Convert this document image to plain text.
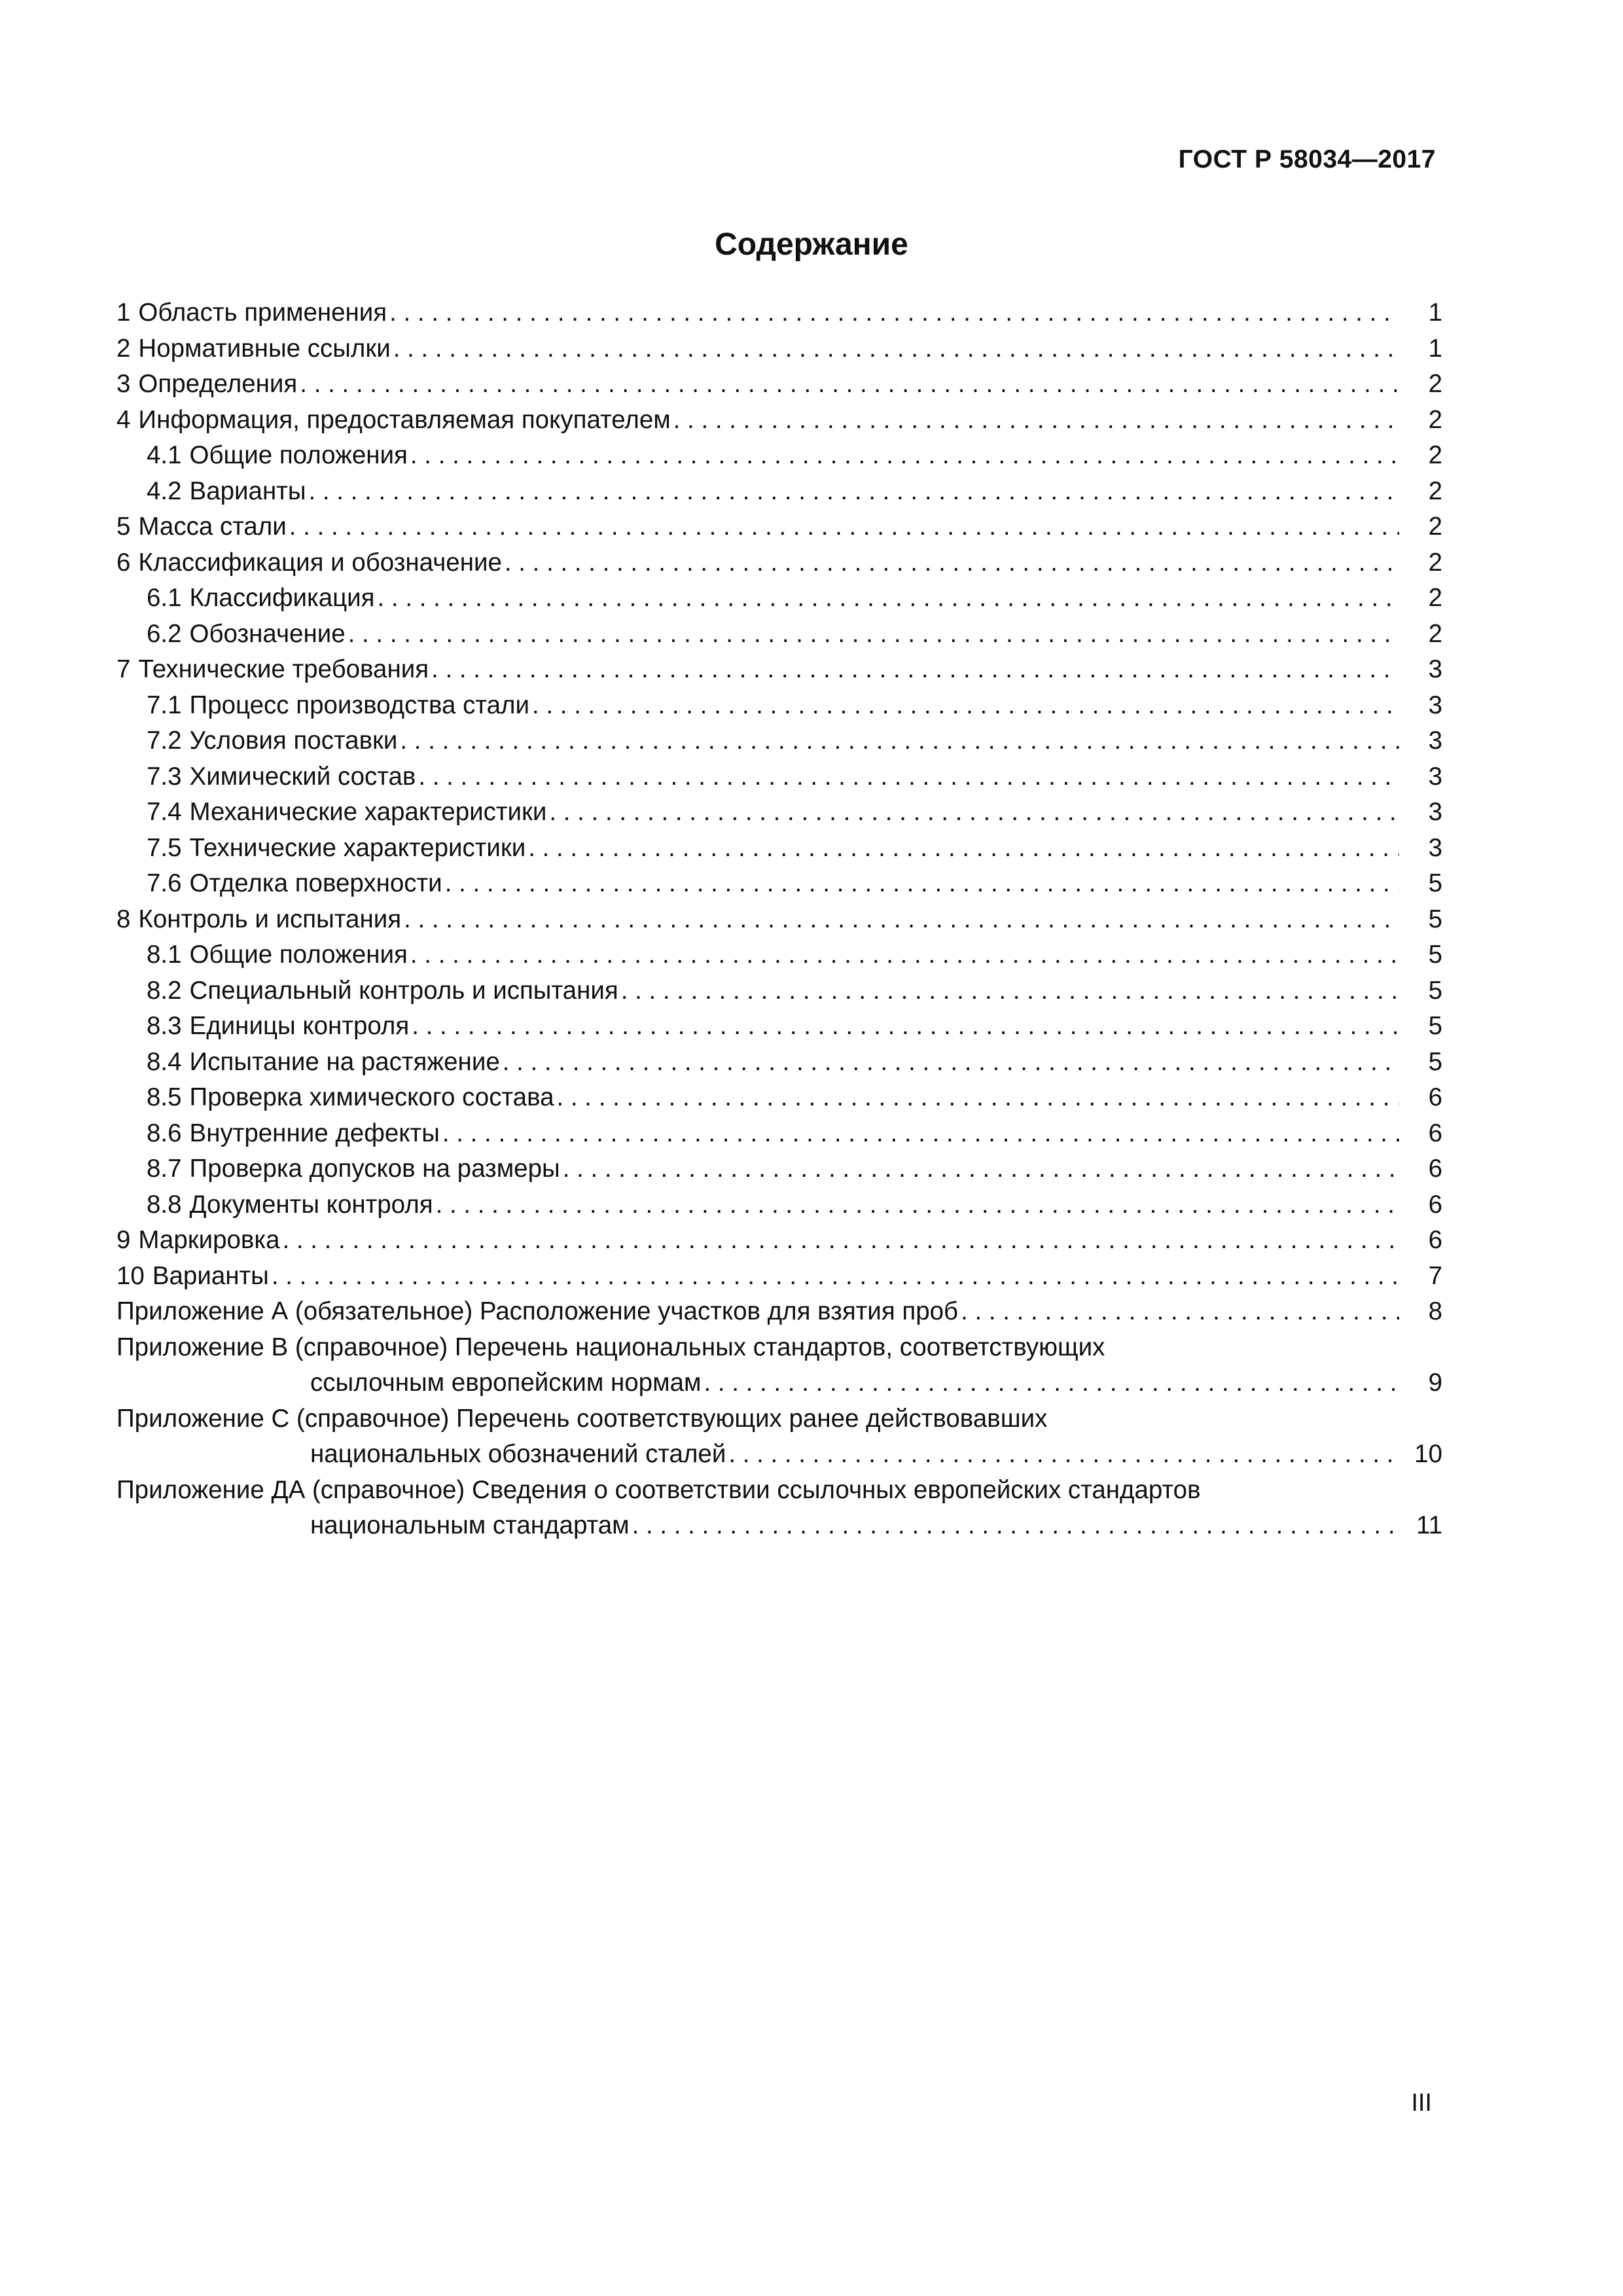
ГОСТ Р 58034—2017
Содержание
1 Область применения . . .	1
2 Нормативные ссылки . . .	1
3 Определения . . .	2
4 Информация, предоставляемая покупателем . . .	2
4.1 Общие положения . . .	2
4.2 Варианты . . .	2
5 Масса стали . . .	2
6 Классификация и обозначение . . .	2
6.1 Классификация . . .	2
6.2 Обозначение . . .	2
7 Технические требования . . .	3
7.1 Процесс производства стали . . .	3
7.2 Условия поставки . . .	3
7.3 Химический состав . . .	3
7.4 Механические характеристики . . .	3
7.5 Технические характеристики . . .	3
7.6 Отделка поверхности . . .	5
8 Контроль и испытания . . .	5
8.1 Общие положения . . .	5
8.2 Специальный контроль и испытания . . .	5
8.3 Единицы контроля . . .	5
8.4 Испытание на растяжение . . .	5
8.5 Проверка химического состава . . .	6
8.6 Внутренние дефекты . . .	6
8.7 Проверка допусков на размеры . . .	6
8.8 Документы контроля . . .	6
9 Маркировка . . .	6
10 Варианты . . .	7
Приложение А (обязательное) Расположение участков для взятия проб . . .	8
Приложение В (справочное) Перечень национальных стандартов, соответствующих
ссылочным европейским нормам . . .	9
Приложение С (справочное) Перечень соответствующих ранее действовавших
национальных обозначений сталей . . .	10
Приложение ДА (справочное) Сведения о соответствии ссылочных европейских стандартов
национальным стандартам . . .	11
III
